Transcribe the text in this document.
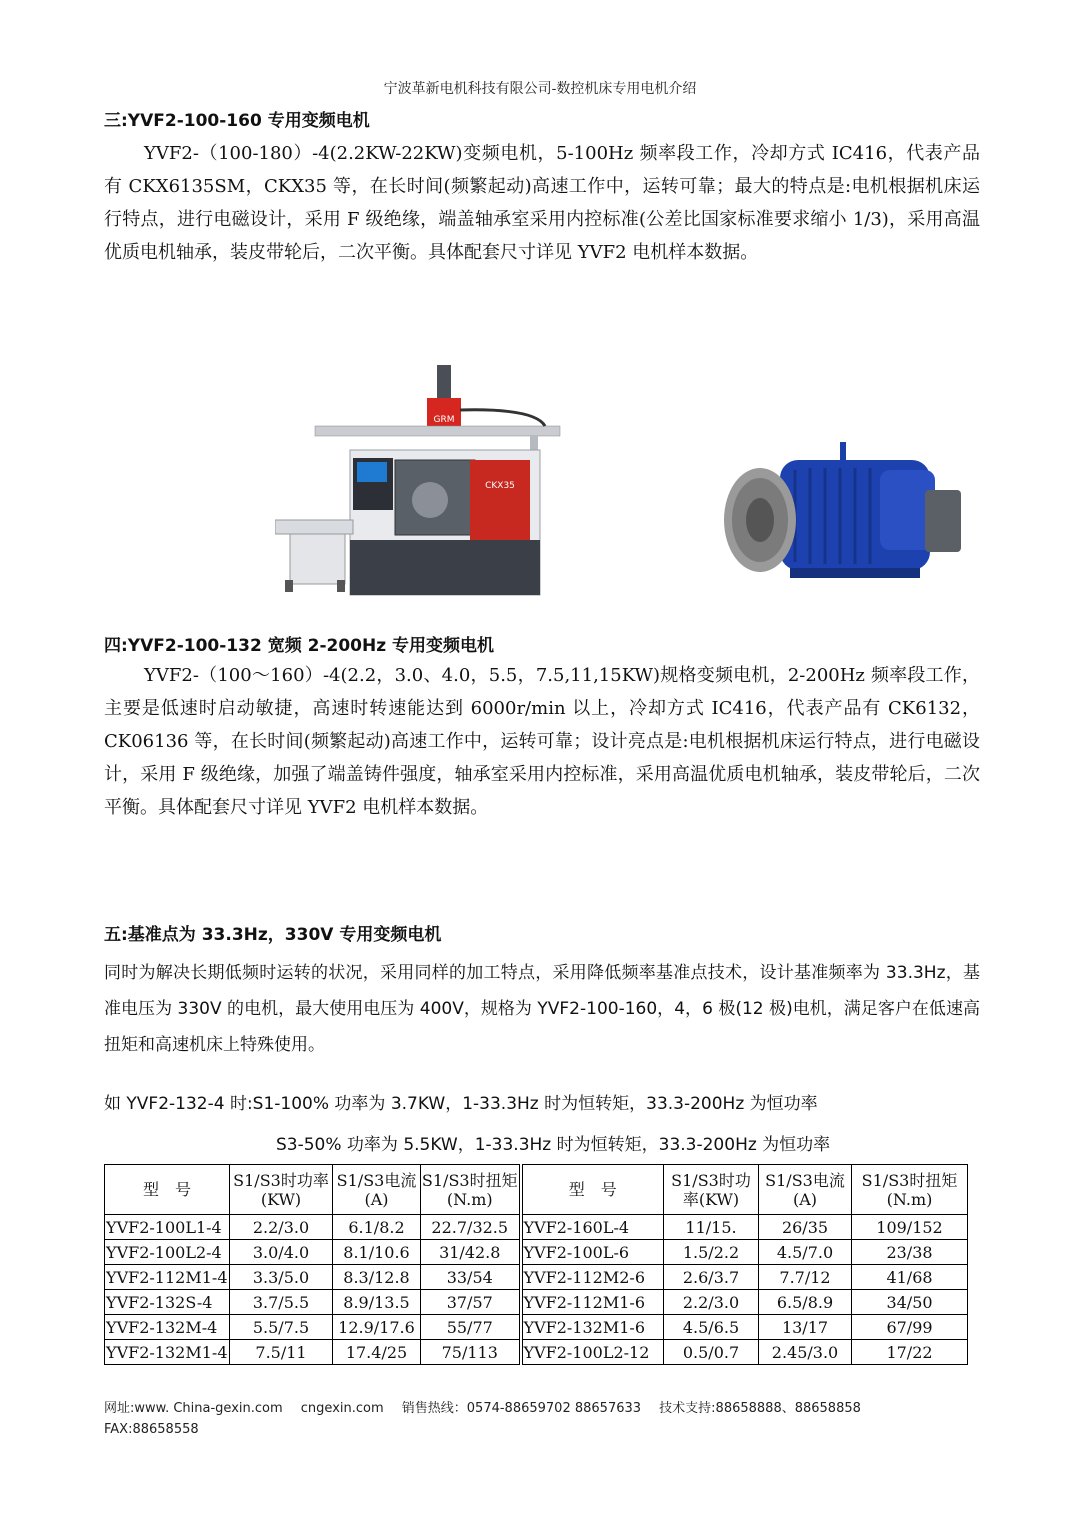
宁波革新电机科技有限公司-数控机床专用电机介绍
三:YVF2-100-160 专用变频电机

YVF2-（100-180）-4(2.2KW-22KW)变频电机，5-100Hz 频率段工作，冷却方式 IC416，代表产品有 CKX6135SM，CKX35 等，在长时间(频繁起动)高速工作中，运转可靠；最大的特点是:电机根据机床运行特点，进行电磁设计，采用 F 级绝缘，端盖轴承室采用内控标准(公差比国家标准要求缩小 1/3)，采用高温优质电机轴承，装皮带轮后，二次平衡。具体配套尺寸详见 YVF2 电机样本数据。

GRM
CKX35
四:YVF2-100-132 宽频 2-200Hz 专用变频电机

YVF2-（100～160）-4(2.2，3.0、4.0，5.5，7.5,11,15KW)规格变频电机，2-200Hz 频率段工作，主要是低速时启动敏捷，高速时转速能达到 6000r/min 以上，冷却方式 IC416，代表产品有 CK6132，CK06136 等，在长时间(频繁起动)高速工作中，运转可靠；设计亮点是:电机根据机床运行特点，进行电磁设计，采用 F 级绝缘，加强了端盖铸件强度，轴承室采用内控标准，采用高温优质电机轴承，装皮带轮后，二次平衡。具体配套尺寸详见 YVF2 电机样本数据。

五:基准点为 33.3Hz，330V 专用变频电机

同时为解决长期低频时运转的状况，采用同样的加工特点，采用降低频率基准点技术，设计基准频率为 33.3Hz，基准电压为 330V 的电机，最大使用电压为 400V，规格为 YVF2-100-160，4，6 极(12 极)电机，满足客户在低速高扭矩和高速机床上特殊使用。

如 YVF2-132-4 时:S1-100% 功率为 3.7KW，1-33.3Hz 时为恒转矩，33.3-200Hz 为恒功率
S3-50% 功率为 5.5KW，1-33.3Hz 时为恒转矩，33.3-200Hz 为恒功率
型　号	S1/S3时功率(KW)	S1/S3电流(A)	S1/S3时扭矩(N.m)	型　号	S1/S3时功率(KW)	S1/S3电流(A)	S1/S3时扭矩(N.m)
YVF2-100L1-4	2.2/3.0	6.1/8.2	22.7/32.5	YVF2-160L-4	11/15.	26/35	109/152
YVF2-100L2-4	3.0/4.0	8.1/10.6	31/42.8	YVF2-100L-6	1.5/2.2	4.5/7.0	23/38
YVF2-112M1-4	3.3/5.0	8.3/12.8	33/54	YVF2-112M2-6	2.6/3.7	7.7/12	41/68
YVF2-132S-4	3.7/5.5	8.9/13.5	37/57	YVF2-112M1-6	2.2/3.0	6.5/8.9	34/50
YVF2-132M-4	5.5/7.5	12.9/17.6	55/77	YVF2-132M1-6	4.5/6.5	13/17	67/99
YVF2-132M1-4	7.5/11	17.4/25	75/113	YVF2-100L2-12	0.5/0.7	2.45/3.0	17/22
网址:www. China-gexin.com cngexin.com 销售热线：0574-88659702 88657633 技术支持:88658888、88658858
FAX:88658558
